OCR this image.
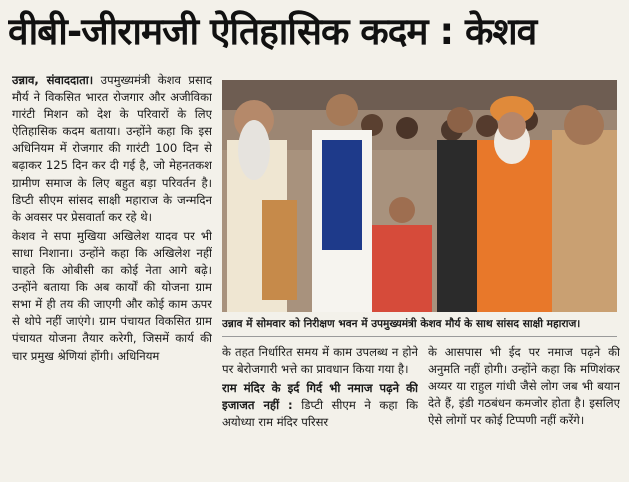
वीबी-जीरामजी ऐतिहासिक कदम : केशव

उन्नाव, संवाददाता। उपमुख्यमंत्री केशव प्रसाद मौर्य ने विकसित भारत रोजगार और अजीविका गारंटी मिशन को देश के परिवारों के लिए ऐतिहासिक कदम बताया। उन्होंने कहा कि इस अधिनियम में रोजगार की गारंटी 100 दिन से बढ़ाकर 125 दिन कर दी गई है, जो मेहनतकश ग्रामीण समाज के लिए बहुत बड़ा परिवर्तन है। डिप्टी सीएम सांसद साक्षी महाराज के जन्मदिन के अवसर पर प्रेसवार्ता कर रहे थे।

केशव ने सपा मुखिया अखिलेश यादव पर भी साधा निशाना। उन्होंने कहा कि अखिलेश नहीं चाहते कि ओबीसी का कोई नेता आगे बढ़े। उन्होंने बताया कि अब कार्यों की योजना ग्राम सभा में ही तय की जाएगी और कोई काम ऊपर से थोपे नहीं जाएंगे। ग्राम पंचायत विकसित ग्राम पंचायत योजना तैयार करेगी, जिसमें कार्य की चार प्रमुख श्रेणियां होंगी। अधिनियम

उन्नाव में सोमवार को निरीक्षण भवन में उपमुख्यमंत्री केशव मौर्य के साथ सांसद साक्षी महाराज।

के तहत निर्धारित समय में काम उपलब्ध न होने पर बेरोजगारी भत्ते का प्रावधान किया गया है।

राम मंदिर के इर्द गिर्द भी नमाज पढ़ने की इजाजत नहीं : डिप्टी सीएम ने कहा कि अयोध्या राम मंदिर परिसर

के आसपास भी ईद पर नमाज पढ़ने की अनुमति नहीं होगी। उन्होंने कहा कि मणिशंकर अय्यर या राहुल गांधी जैसे लोग जब भी बयान देते हैं, इंडी गठबंधन कमजोर होता है। इसलिए ऐसे लोगों पर कोई टिप्पणी नहीं करेंगे।
